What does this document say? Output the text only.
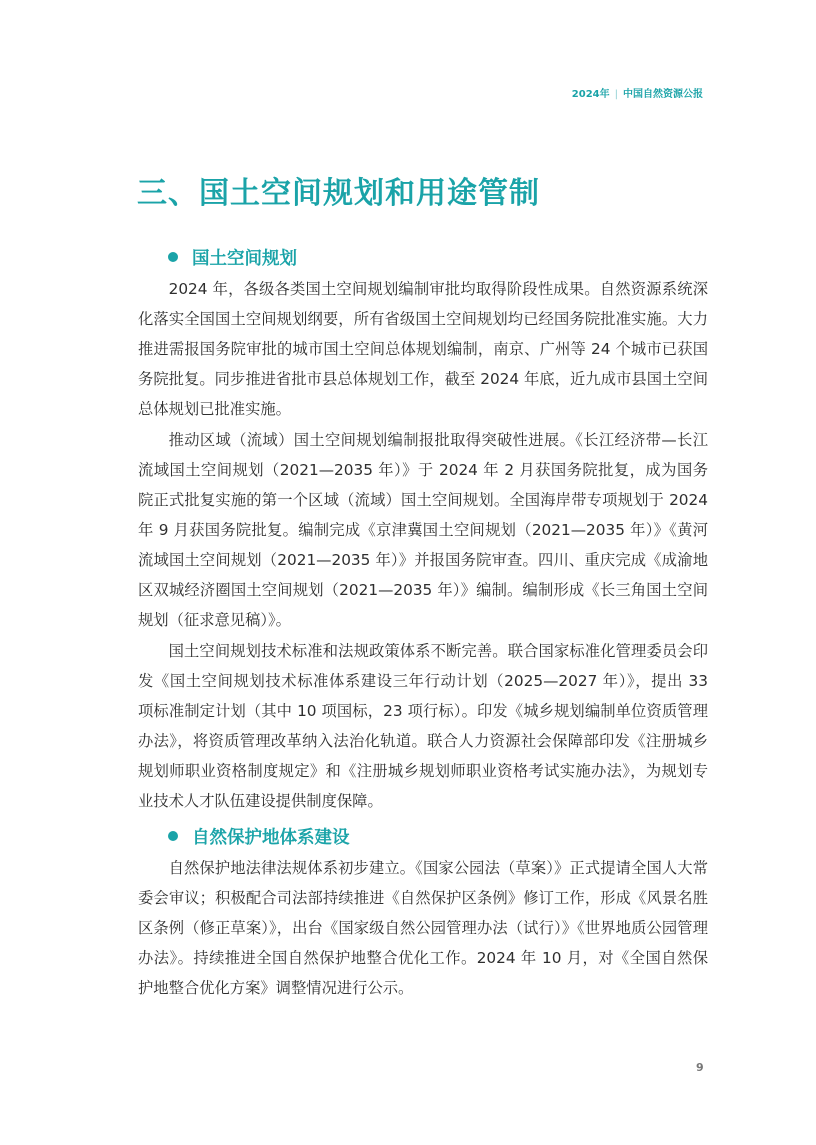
2024年 | 中国自然资源公报
三、国土空间规划和用途管制
国土空间规划

2024 年，各级各类国土空间规划编制审批均取得阶段性成果。自然资源系统深化落实全国国土空间规划纲要，所有省级国土空间规划均已经国务院批准实施。大力推进需报国务院审批的城市国土空间总体规划编制，南京、广州等 24 个城市已获国务院批复。同步推进省批市县总体规划工作，截至 2024 年底，近九成市县国土空间总体规划已批准实施。

推动区域（流域）国土空间规划编制报批取得突破性进展。《长江经济带—长江流域国土空间规划（2021—2035 年）》于 2024 年 2 月获国务院批复，成为国务院正式批复实施的第一个区域（流域）国土空间规划。全国海岸带专项规划于 2024 年 9 月获国务院批复。编制完成《京津冀国土空间规划（2021—2035 年）》《黄河流域国土空间规划（2021—2035 年）》并报国务院审查。四川、重庆完成《成渝地区双城经济圈国土空间规划（2021—2035 年）》编制。编制形成《长三角国土空间规划（征求意见稿）》。

国土空间规划技术标准和法规政策体系不断完善。联合国家标准化管理委员会印发《国土空间规划技术标准体系建设三年行动计划（2025—2027 年）》，提出 33 项标准制定计划（其中 10 项国标，23 项行标）。印发《城乡规划编制单位资质管理办法》，将资质管理改革纳入法治化轨道。联合人力资源社会保障部印发《注册城乡规划师职业资格制度规定》和《注册城乡规划师职业资格考试实施办法》，为规划专业技术人才队伍建设提供制度保障。

自然保护地体系建设

自然保护地法律法规体系初步建立。《国家公园法（草案）》正式提请全国人大常委会审议；积极配合司法部持续推进《自然保护区条例》修订工作，形成《风景名胜区条例（修正草案）》，出台《国家级自然公园管理办法（试行）》《世界地质公园管理办法》。持续推进全国自然保护地整合优化工作。2024 年 10 月，对《全国自然保护地整合优化方案》调整情况进行公示。

9
